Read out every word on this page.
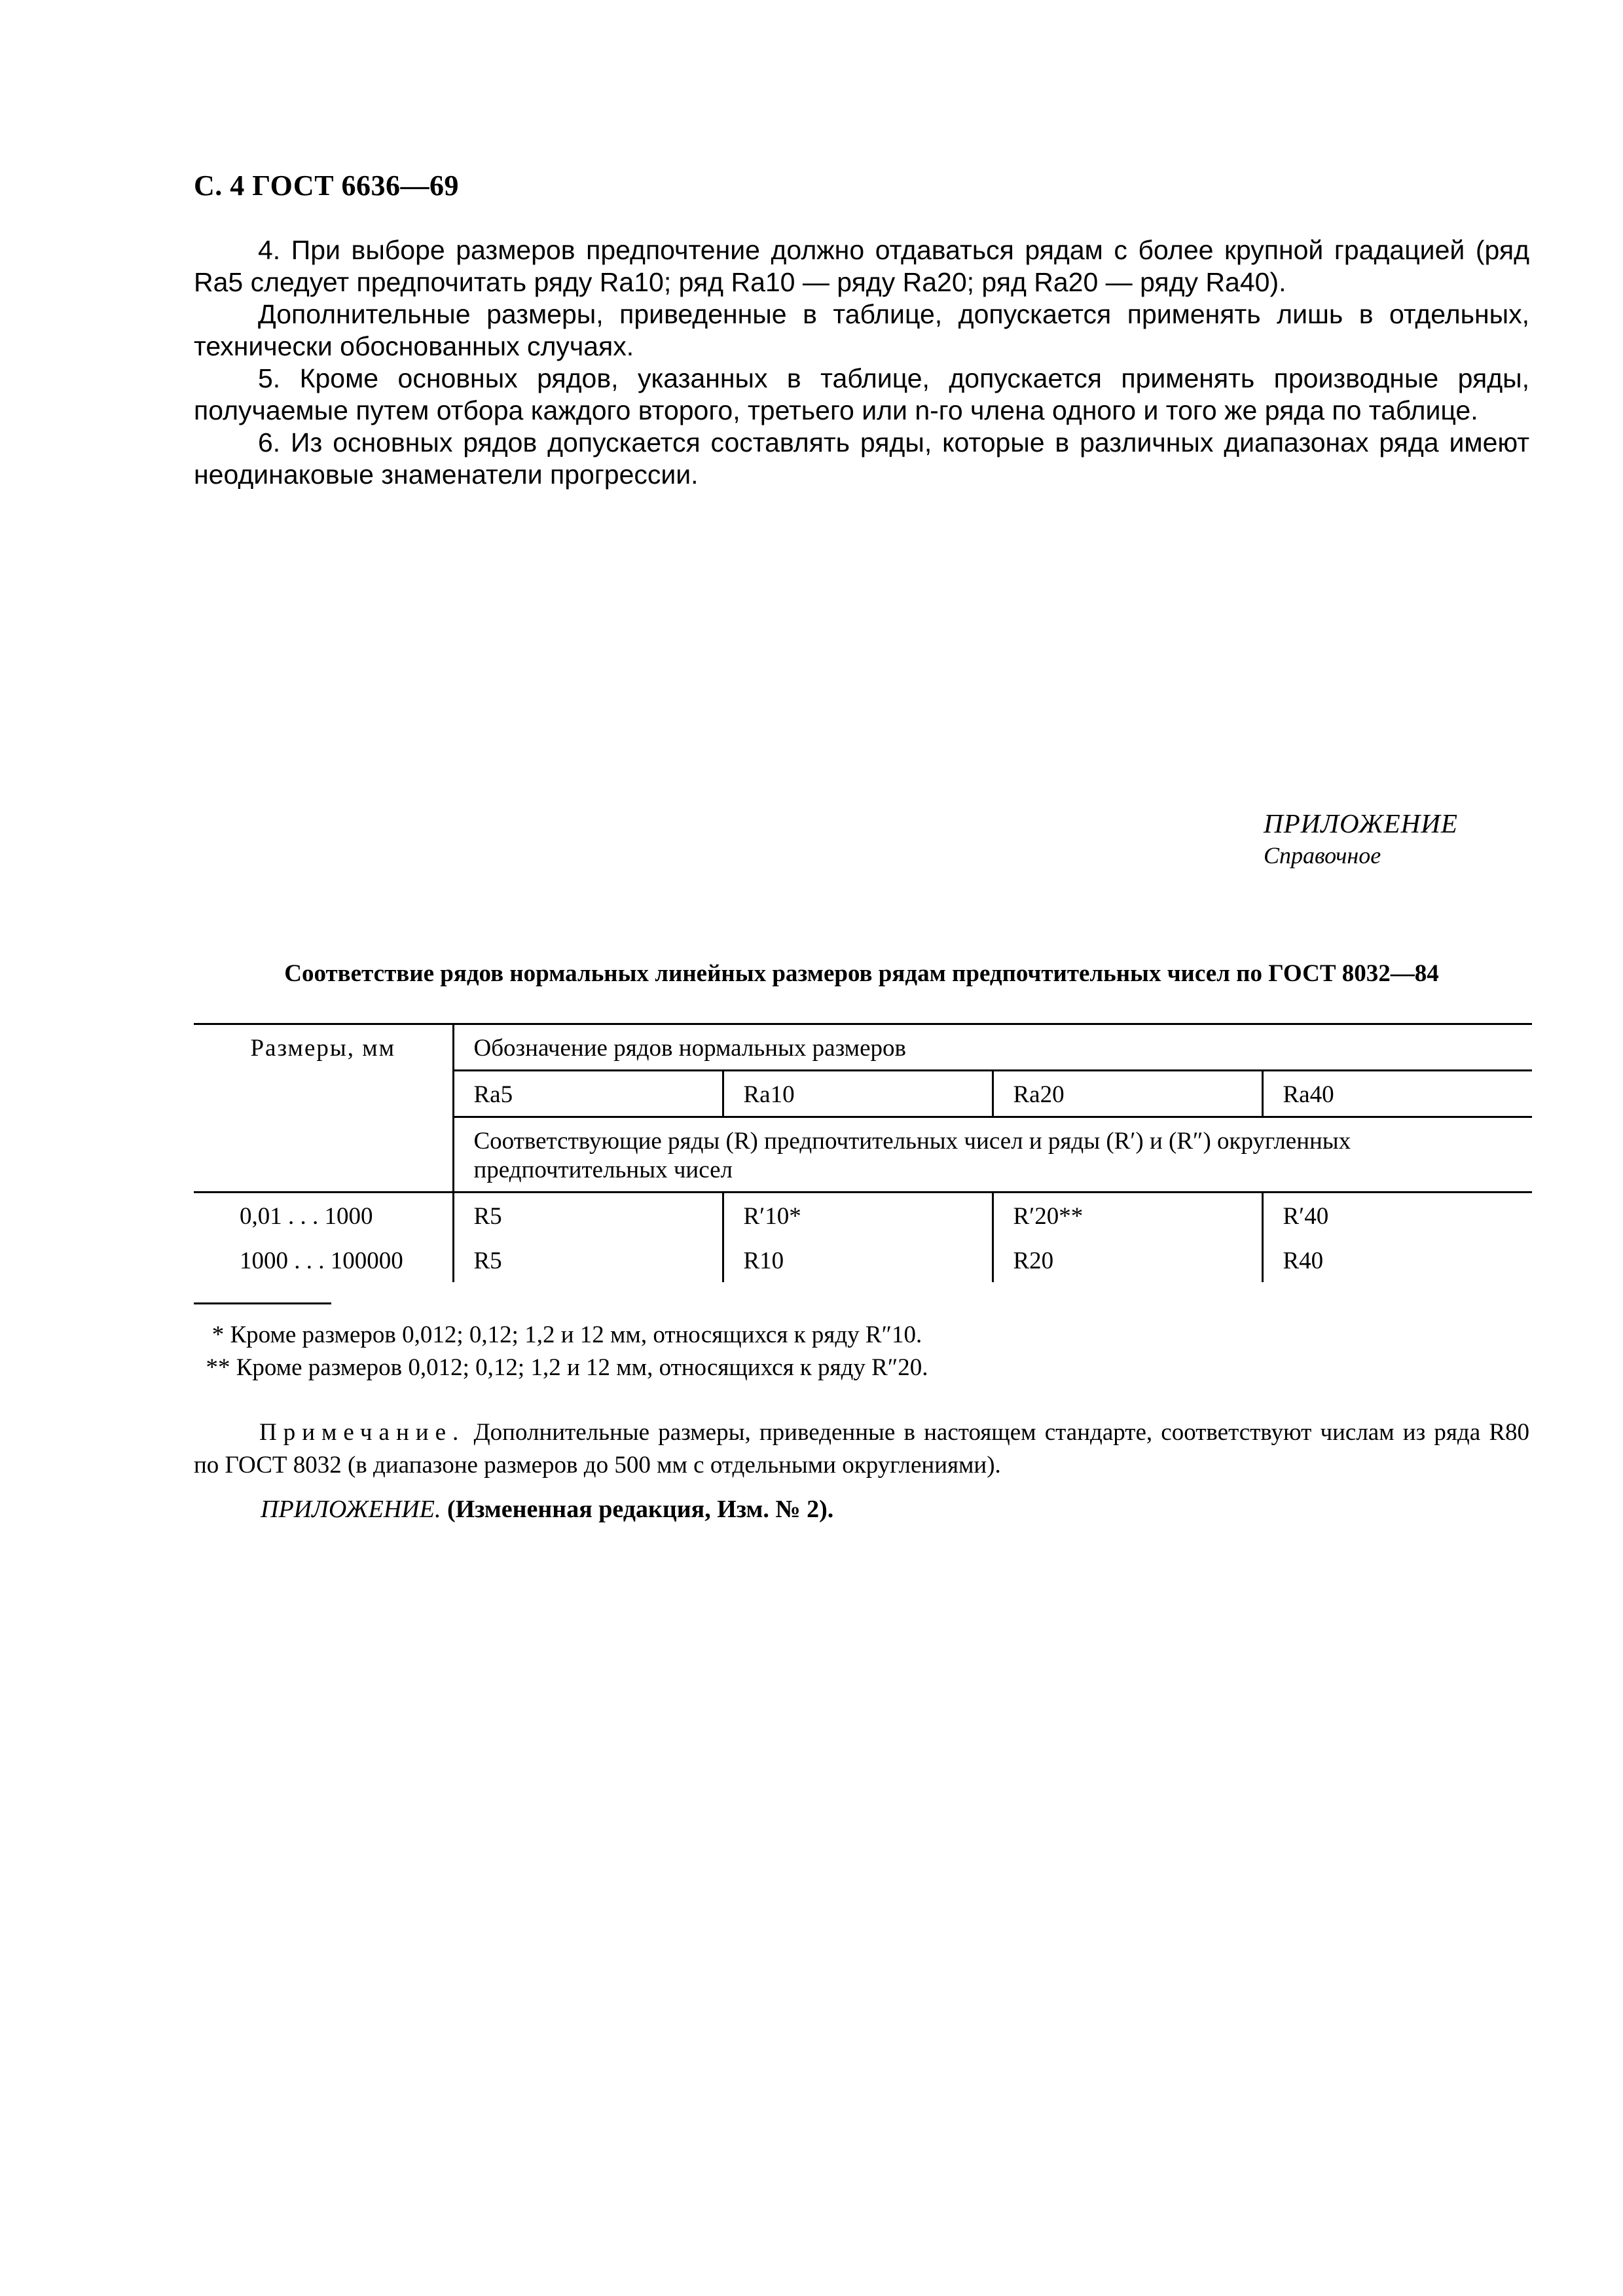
С. 4 ГОСТ 6636—69

4. При выборе размеров предпочтение должно отдаваться рядам с более крупной градацией (ряд Ra5 следует предпочитать ряду Ra10; ряд Ra10 — ряду Ra20; ряд Ra20 — ряду Ra40).

Дополнительные размеры, приведенные в таблице, допускается применять лишь в отдельных, технически обоснованных случаях.

5. Кроме основных рядов, указанных в таблице, допускается применять производные ряды, получаемые путем отбора каждого второго, третьего или n-го члена одного и того же ряда по таблице.

6. Из основных рядов допускается составлять ряды, которые в различных диапазонах ряда имеют неодинаковые знаменатели прогрессии.

ПРИЛОЖЕНИЕ
Справочное
Соответствие рядов нормальных линейных размеров рядам предпочтительных чисел по ГОСТ 8032—84
Размеры, мм	Обозначение рядов нормальных размеров			
	Ra5	Ra10	Ra20	Ra40
	Соответствующие ряды (R) предпочтительных чисел и ряды (R′) и (R″) округленных предпочтительных чисел			
0,01 . . . 1000	R5	R′10*	R′20**	R′40
1000 . . . 100000	R5	R10	R20	R40
* Кроме размеров 0,012; 0,12; 1,2 и 12 мм, относящихся к ряду R″10.
** Кроме размеров 0,012; 0,12; 1,2 и 12 мм, относящихся к ряду R″20.

Примечание. Дополнительные размеры, приведенные в настоящем стандарте, соответствуют числам из ряда R80 по ГОСТ 8032 (в диапазоне размеров до 500 мм с отдельными округлениями).

ПРИЛОЖЕНИЕ. (Измененная редакция, Изм. № 2).
